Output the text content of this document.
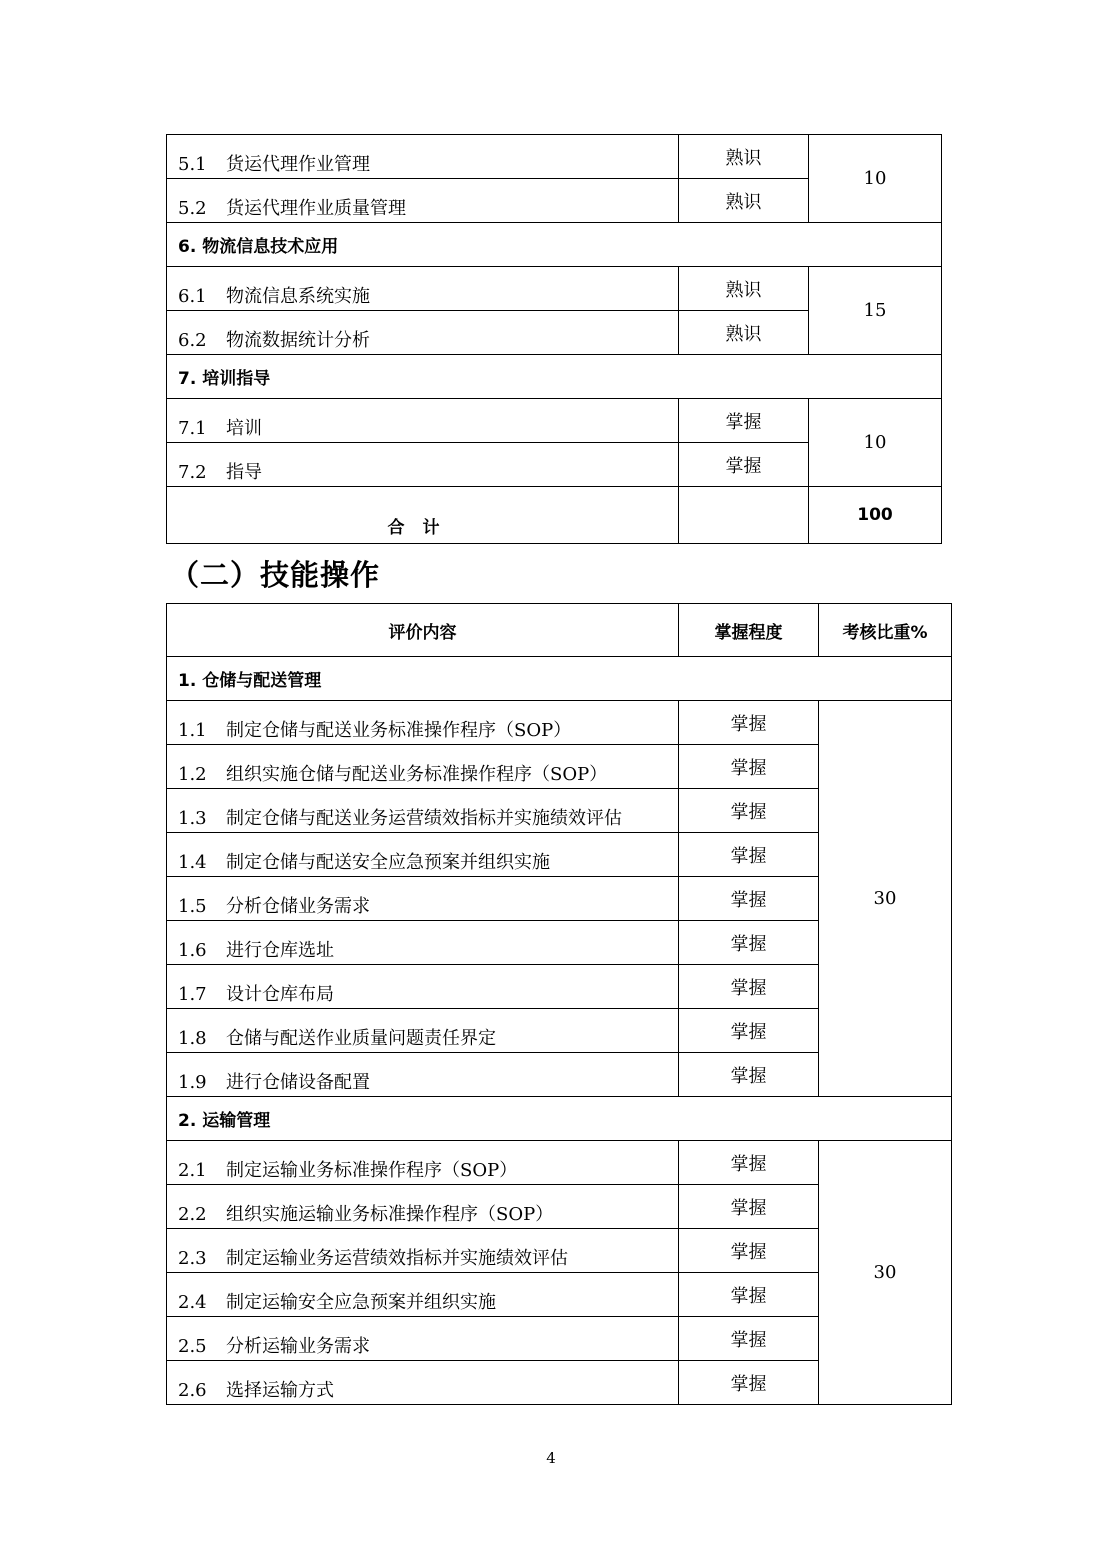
5.1 货运代理作业管理	熟识	10
5.2 货运代理作业质量管理	熟识	
6. 物流信息技术应用		
6.1 物流信息系统实施	熟识	15
6.2 物流数据统计分析	熟识	
7. 培训指导		
7.1 培训	掌握	10
7.2 指导	掌握	
合计		100
（二）技能操作
评价内容	掌握程度	考核比重%
1. 仓储与配送管理		
1.1 制定仓储与配送业务标准操作程序（SOP）	掌握	30
1.2 组织实施仓储与配送业务标准操作程序（SOP）	掌握	
1.3 制定仓储与配送业务运营绩效指标并实施绩效评估	掌握	
1.4 制定仓储与配送安全应急预案并组织实施	掌握	
1.5 分析仓储业务需求	掌握	
1.6 进行仓库选址	掌握	
1.7 设计仓库布局	掌握	
1.8 仓储与配送作业质量问题责任界定	掌握	
1.9 进行仓储设备配置	掌握	
2. 运输管理		
2.1 制定运输业务标准操作程序（SOP）	掌握	30
2.2 组织实施运输业务标准操作程序（SOP）	掌握	
2.3 制定运输业务运营绩效指标并实施绩效评估	掌握	
2.4 制定运输安全应急预案并组织实施	掌握	
2.5 分析运输业务需求	掌握	
2.6 选择运输方式	掌握	
4
